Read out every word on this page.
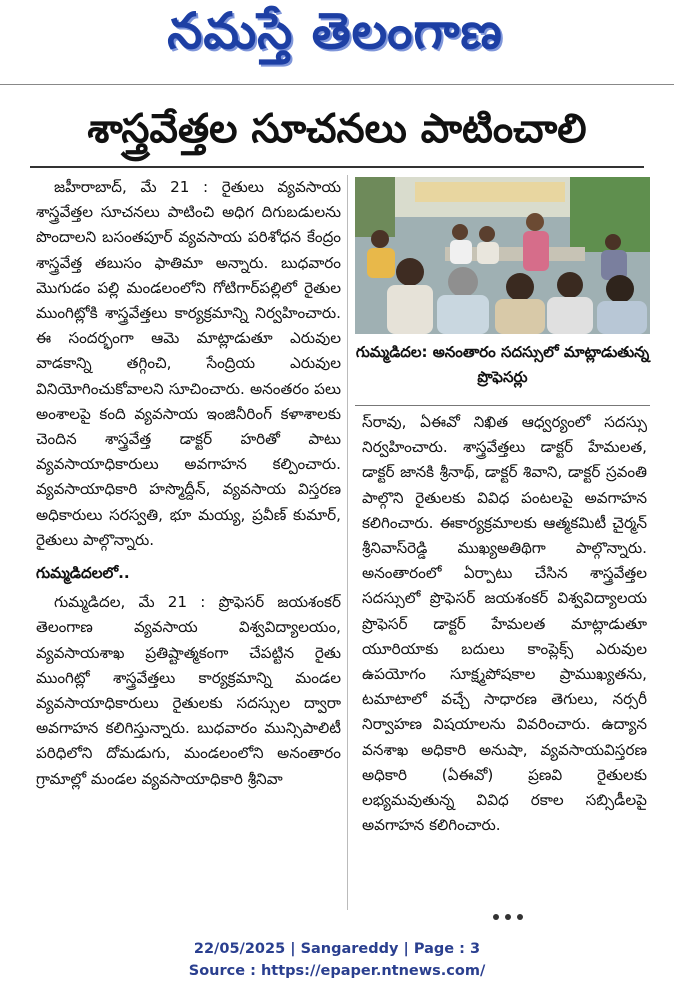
నమస్తే తెలంగాణ
శాస్త్రవేత్తల సూచనలు పాటించాలి

జహీరాబాద్, మే 21 : రైతులు వ్యవసాయ శాస్త్రవేత్తల సూచనలు పాటించి అధిగ దిగుబడులను పొందాలని బసంతపూర్ వ్యవసాయ పరిశోధన కేంద్రం శాస్త్రవేత్త తబుసం ఫాతిమా అన్నారు. బుధవారం మొగుడం పల్లి మండలంలోని గోటిగార్‌పల్లిలో రైతుల ముంగిట్లోకి శాస్త్రవేత్తలు కార్యక్రమాన్ని నిర్వహించారు. ఈ సందర్భంగా ఆమె మాట్లాడుతూ ఎరువుల వాడకాన్ని తగ్గించి, సేంద్రియ ఎరువుల వినియోగించుకోవాలని సూచించారు. అనంతరం పలు అంశాలపై కంది వ్యవసాయ ఇంజినీరింగ్ కళాశాలకు చెందిన శాస్త్రవేత్త డాక్టర్ హరితో పాటు వ్యవసాయాధికారులు అవగాహన కల్పించారు. వ్యవసాయాధికారి హస్మొద్దీన్, వ్యవసాయ విస్తరణ అధికారులు సరస్వతి, భూ మయ్య, ప్రవీణ్ కుమార్, రైతులు పాల్గొన్నారు.

గుమ్మడిదలలో..

గుమ్మడిదల, మే 21 : ప్రొఫెసర్ జయశంకర్ తెలంగాణ వ్యవసాయ విశ్వవిద్యాలయం, వ్యవసాయశాఖ ప్రతిష్టాత్మకంగా చేపట్టిన రైతు ముంగిట్లో శాస్త్రవేత్తలు కార్యక్రమాన్ని మండల వ్యవసాయాధికారులు రైతులకు సదస్సుల ద్వారా అవగాహన కలిగిస్తున్నారు. బుధవారం మున్సిపాలిటీ పరిధిలోని దోమడుగు, మండలంలోని అనంతారం గ్రామాల్లో మండల వ్యవసాయాధికారి శ్రీనివా

గుమ్మడిదల: అనంతారం సదస్సులో మాట్లాడుతున్న ప్రొఫెసర్లు

స్‌రావు, ఏఈవో నిఖిత ఆధ్వర్యంలో సదస్సు నిర్వహించారు. శాస్త్రవేత్తలు డాక్టర్ హేమలత, డాక్టర్ జానకి శ్రీనాథ్, డాక్టర్ శివాని, డాక్టర్ స్రవంతి పాల్గొని రైతులకు వివిధ పంటలపై అవగాహన కలిగించారు. ఈకార్యక్రమాలకు ఆత్మకమిటీ చైర్మన్ శ్రీనివాస్‌రెడ్డి ముఖ్యఅతిథిగా పాల్గొన్నారు. అనంతారంలో ఏర్పాటు చేసిన శాస్త్రవేత్తల సదస్సులో ప్రొఫెసర్ జయశంకర్ విశ్వవిద్యాలయ ప్రొఫెసర్ డాక్టర్ హేమలత మాట్లాడుతూ యూరియాకు బదులు కాంప్లెక్స్ ఎరువుల ఉపయోగం సూక్ష్మపోషకాల ప్రాముఖ్యతను, టమాటాలో వచ్చే సాధారణ తెగులు, నర్సరీ నిర్వాహణ విషయాలను వివరించారు. ఉద్యాన వనశాఖ అధికారి అనుషా, వ్యవసాయవిస్తరణ అధికారి (ఏఈవో) ప్రణవి రైతులకు లభ్యమవుతున్న వివిధ రకాల సబ్సిడీలపై అవగాహన కలిగించారు.

22/05/2025 | Sangareddy | Page : 3
Source : https://epaper.ntnews.com/
